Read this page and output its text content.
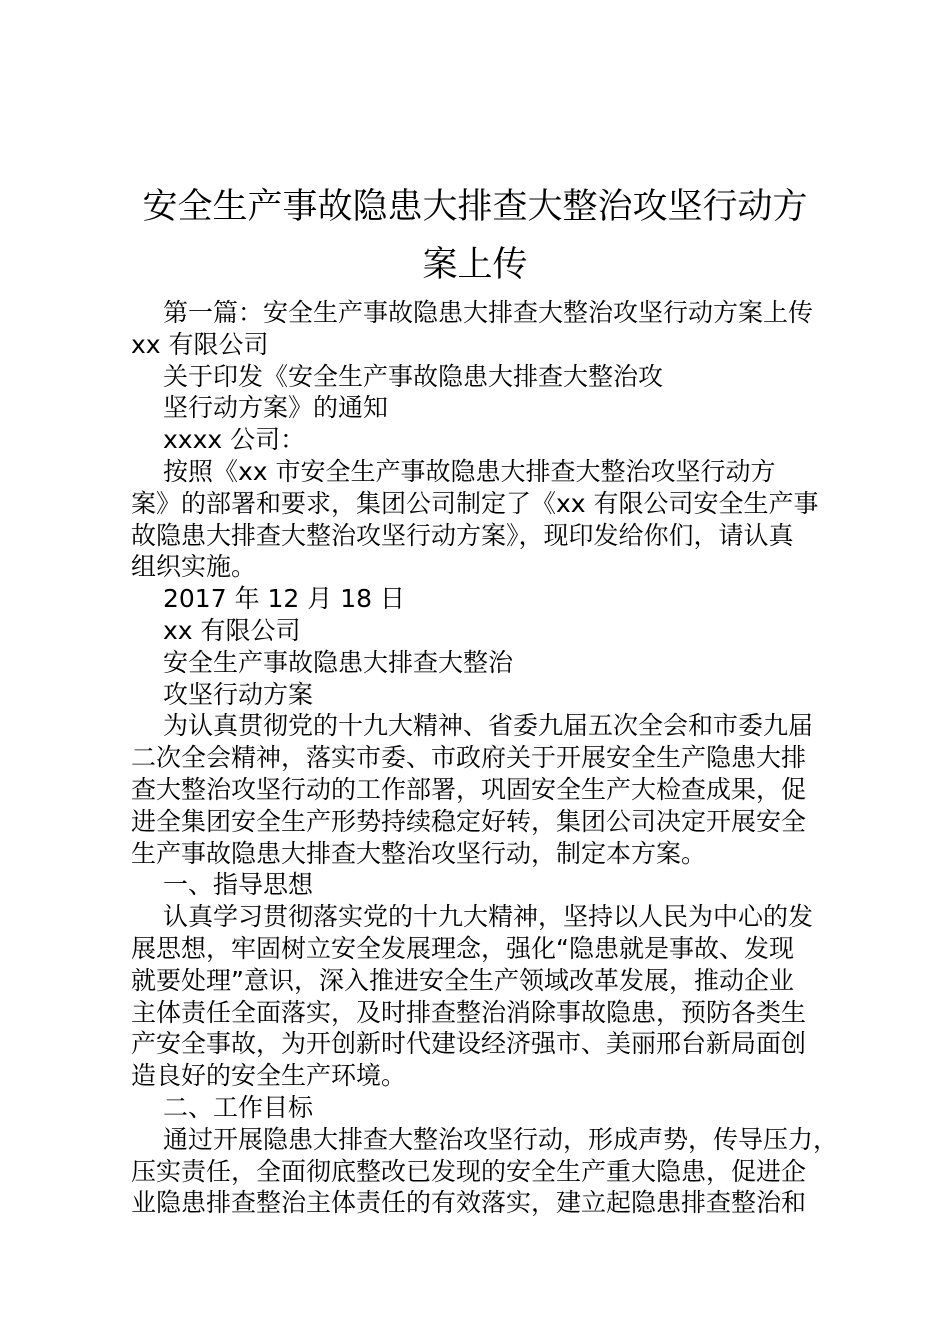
安全生产事故隐患大排查大整治攻坚行动方
案上传

第一篇：安全生产事故隐患大排查大整治攻坚行动方案上传

xx 有限公司

关于印发《安全生产事故隐患大排查大整治攻

坚行动方案》的通知

xxxx 公司：

按照《xx 市安全生产事故隐患大排查大整治攻坚行动方

案》的部署和要求，集团公司制定了《xx 有限公司安全生产事

故隐患大排查大整治攻坚行动方案》，现印发给你们，请认真

组织实施。

2017 年 12 月 18 日

xx 有限公司

安全生产事故隐患大排查大整治

攻坚行动方案

为认真贯彻党的十九大精神、省委九届五次全会和市委九届

二次全会精神，落实市委、市政府关于开展安全生产隐患大排

查大整治攻坚行动的工作部署，巩固安全生产大检查成果，促

进全集团安全生产形势持续稳定好转，集团公司决定开展安全

生产事故隐患大排查大整治攻坚行动，制定本方案。

一、指导思想

认真学习贯彻落实党的十九大精神，坚持以人民为中心的发

展思想，牢固树立安全发展理念，强化“隐患就是事故、发现

就要处理”意识，深入推进安全生产领域改革发展，推动企业

主体责任全面落实，及时排查整治消除事故隐患，预防各类生

产安全事故，为开创新时代建设经济强市、美丽邢台新局面创

造良好的安全生产环境。

二、工作目标

通过开展隐患大排查大整治攻坚行动，形成声势，传导压力，

压实责任，全面彻底整改已发现的安全生产重大隐患，促进企

业隐患排查整治主体责任的有效落实，建立起隐患排查整治和
